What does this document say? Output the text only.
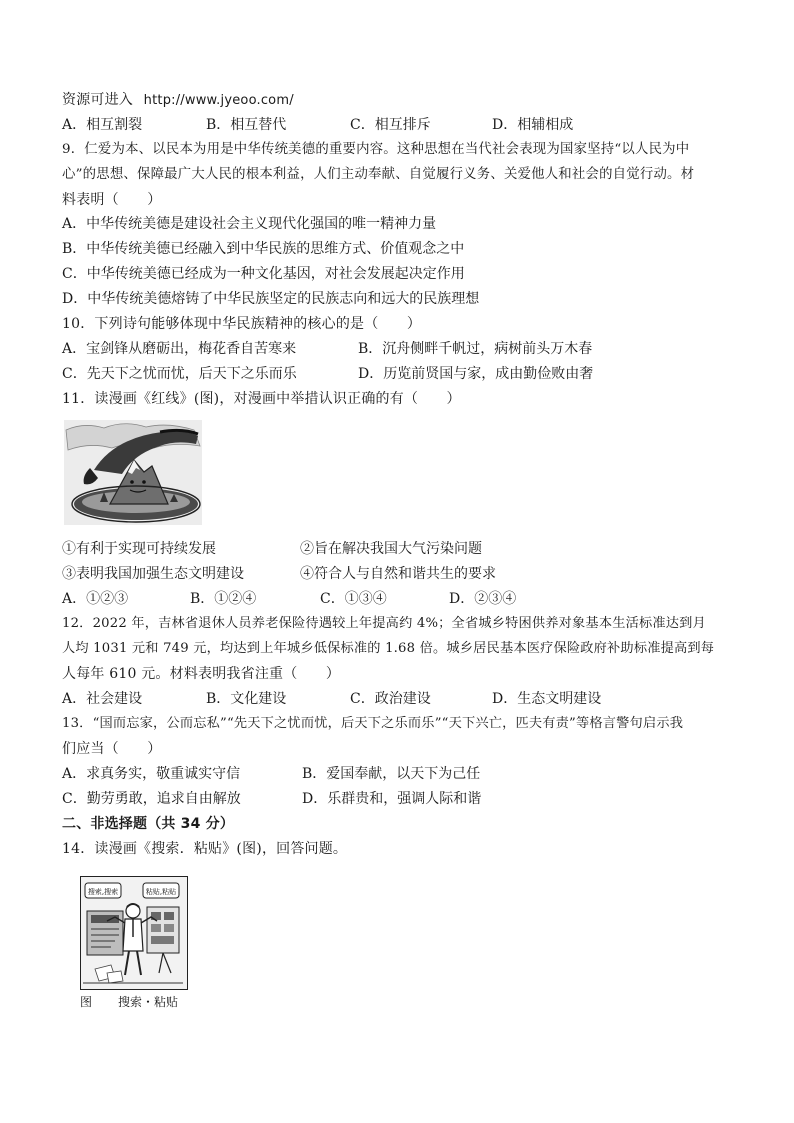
资源可进入 http://www.jyeoo.com/
A．相互割裂	B．相互替代	C．相互排斥	D．相辅相成
9．仁爱为本、以民本为用是中华传统美德的重要内容。这种思想在当代社会表现为国家坚持“以人民为中
心”的思想、保障最广大人民的根本利益，人们主动奉献、自觉履行义务、关爱他人和社会的自觉行动。材
料表明（　　）
A．中华传统美德是建设社会主义现代化强国的唯一精神力量
B．中华传统美德已经融入到中华民族的思维方式、价值观念之中
C．中华传统美德已经成为一种文化基因，对社会发展起决定作用
D．中华传统美德熔铸了中华民族坚定的民族志向和远大的民族理想
10．下列诗句能够体现中华民族精神的核心的是（　　）
A．宝剑锋从磨砺出，梅花香自苦寒来	B．沉舟侧畔千帆过，病树前头万木春
C．先天下之忧而忧，后天下之乐而乐	D．历览前贤国与家，成由勤俭败由奢
11．读漫画《红线》(图)，对漫画中举措认识正确的有（　　）
①有利于实现可持续发展	②旨在解决我国大气污染问题
③表明我国加强生态文明建设	④符合人与自然和谐共生的要求
A．①②③	B．①②④	C．①③④	D．②③④
12．2022 年，吉林省退休人员养老保险待遇较上年提高约 4%；全省城乡特困供养对象基本生活标准达到月
人均 1031 元和 749 元，均达到上年城乡低保标准的 1.68 倍。城乡居民基本医疗保险政府补助标准提高到每
人每年 610 元。材料表明我省注重（　　）
A．社会建设	B．文化建设	C．政治建设	D．生态文明建设
13．“国而忘家，公而忘私”“先天下之忧而忧，后天下之乐而乐”“天下兴亡，匹夫有责”等格言警句启示我
们应当（　　）
A．求真务实，敬重诚实守信	B．爱国奉献，以天下为己任
C．勤劳勇敢，追求自由解放	D．乐群贵和，强调人际和谐
二、非选择题（共 34 分）
14．读漫画《搜索．粘贴》(图)，回答问题。
搜索,搜索	粘贴,粘贴
图 搜索・粘贴
